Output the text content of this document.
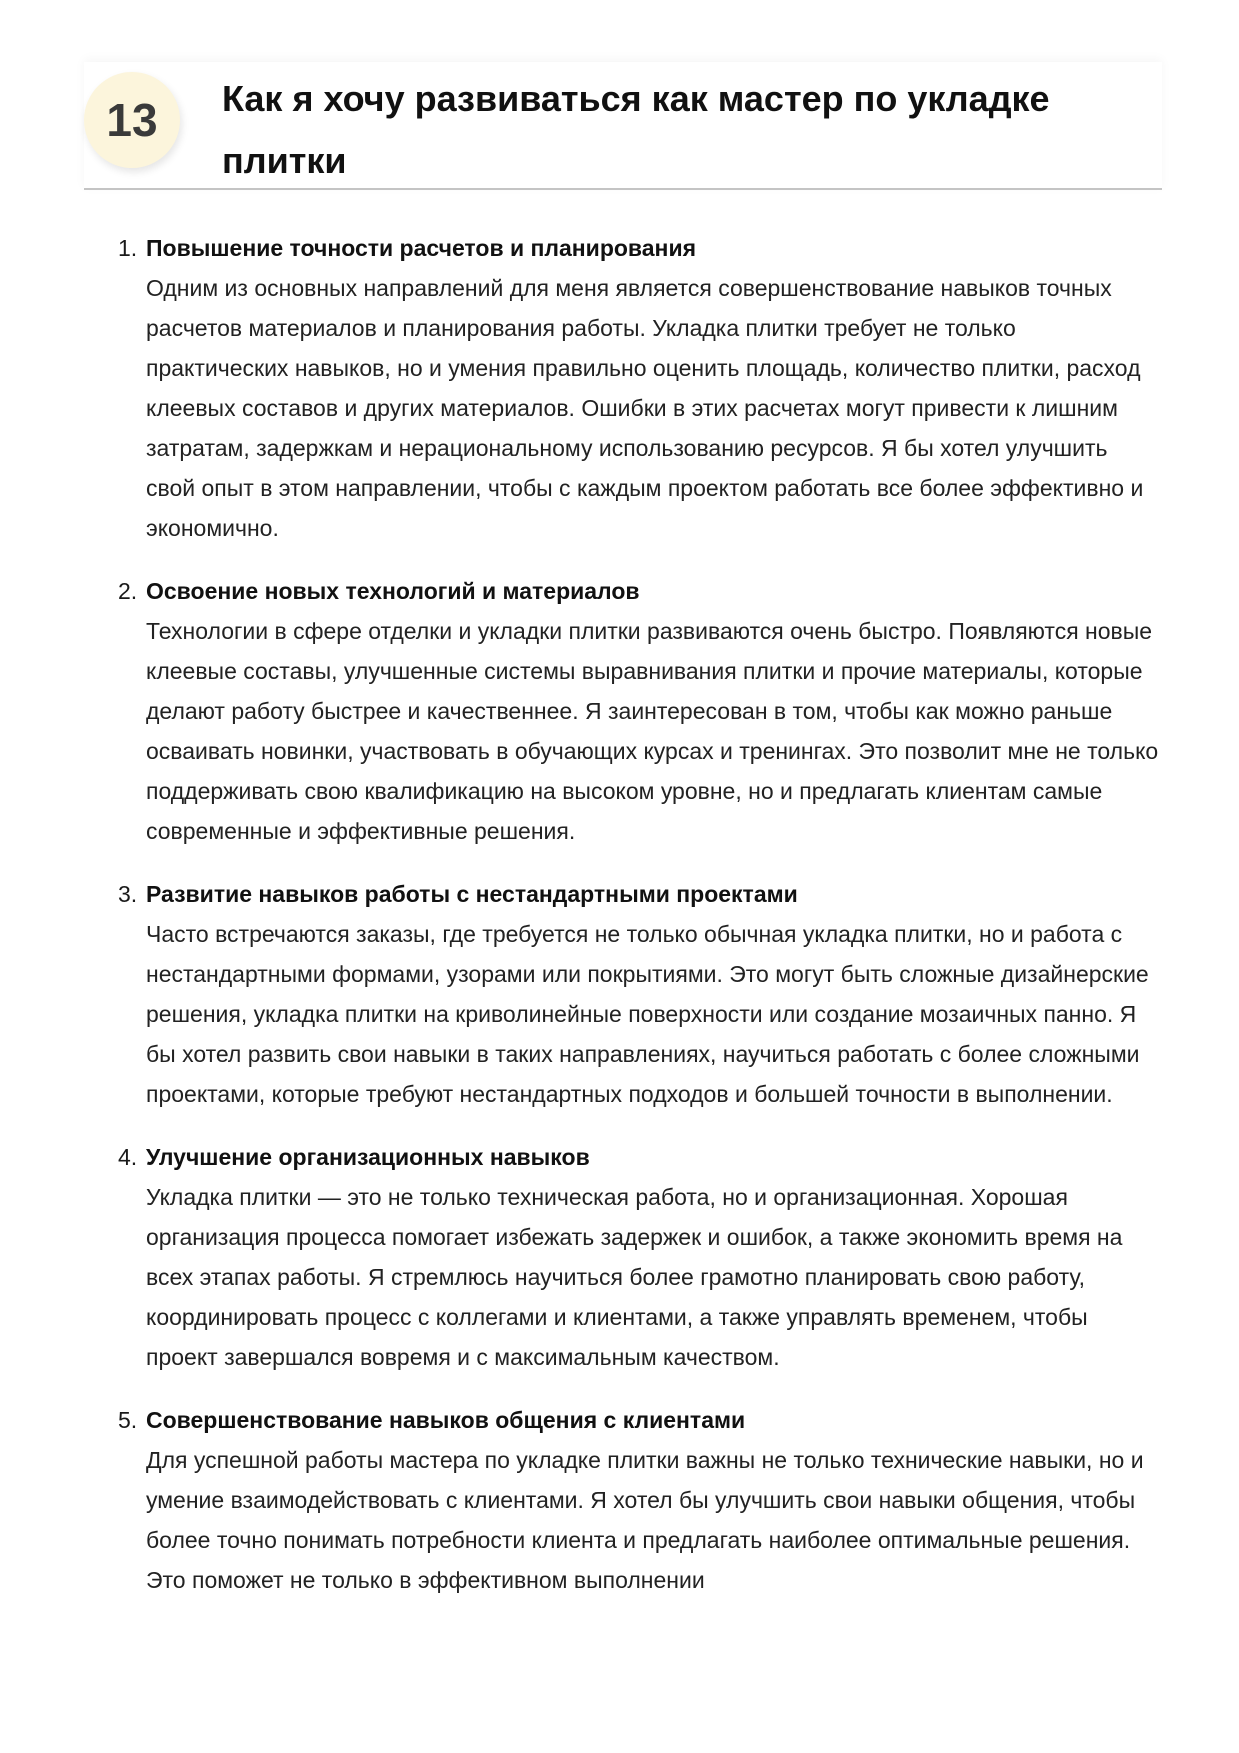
13	Как я хочу развиваться как мастер по укладке плитки
1. Повышение точности расчетов и планирования

Одним из основных направлений для меня является совершенствование навыков точных расчетов материалов и планирования работы. Укладка плитки требует не только практических навыков, но и умения правильно оценить площадь, количество плитки, расход клеевых составов и других материалов. Ошибки в этих расчетах могут привести к лишним затратам, задержкам и нерациональному использованию ресурсов. Я бы хотел улучшить свой опыт в этом направлении, чтобы с каждым проектом работать все более эффективно и экономично.

2. Освоение новых технологий и материалов

Технологии в сфере отделки и укладки плитки развиваются очень быстро. Появляются новые клеевые составы, улучшенные системы выравнивания плитки и прочие материалы, которые делают работу быстрее и качественнее. Я заинтересован в том, чтобы как можно раньше осваивать новинки, участвовать в обучающих курсах и тренингах. Это позволит мне не только поддерживать свою квалификацию на высоком уровне, но и предлагать клиентам самые современные и эффективные решения.

3. Развитие навыков работы с нестандартными проектами

Часто встречаются заказы, где требуется не только обычная укладка плитки, но и работа с нестандартными формами, узорами или покрытиями. Это могут быть сложные дизайнерские решения, укладка плитки на криволинейные поверхности или создание мозаичных панно. Я бы хотел развить свои навыки в таких направлениях, научиться работать с более сложными проектами, которые требуют нестандартных подходов и большей точности в выполнении.

4. Улучшение организационных навыков

Укладка плитки — это не только техническая работа, но и организационная. Хорошая организация процесса помогает избежать задержек и ошибок, а также экономить время на всех этапах работы. Я стремлюсь научиться более грамотно планировать свою работу, координировать процесс с коллегами и клиентами, а также управлять временем, чтобы проект завершался вовремя и с максимальным качеством.

5. Совершенствование навыков общения с клиентами

Для успешной работы мастера по укладке плитки важны не только технические навыки, но и умение взаимодействовать с клиентами. Я хотел бы улучшить свои навыки общения, чтобы более точно понимать потребности клиента и предлагать наиболее оптимальные решения. Это поможет не только в эффективном выполнении
